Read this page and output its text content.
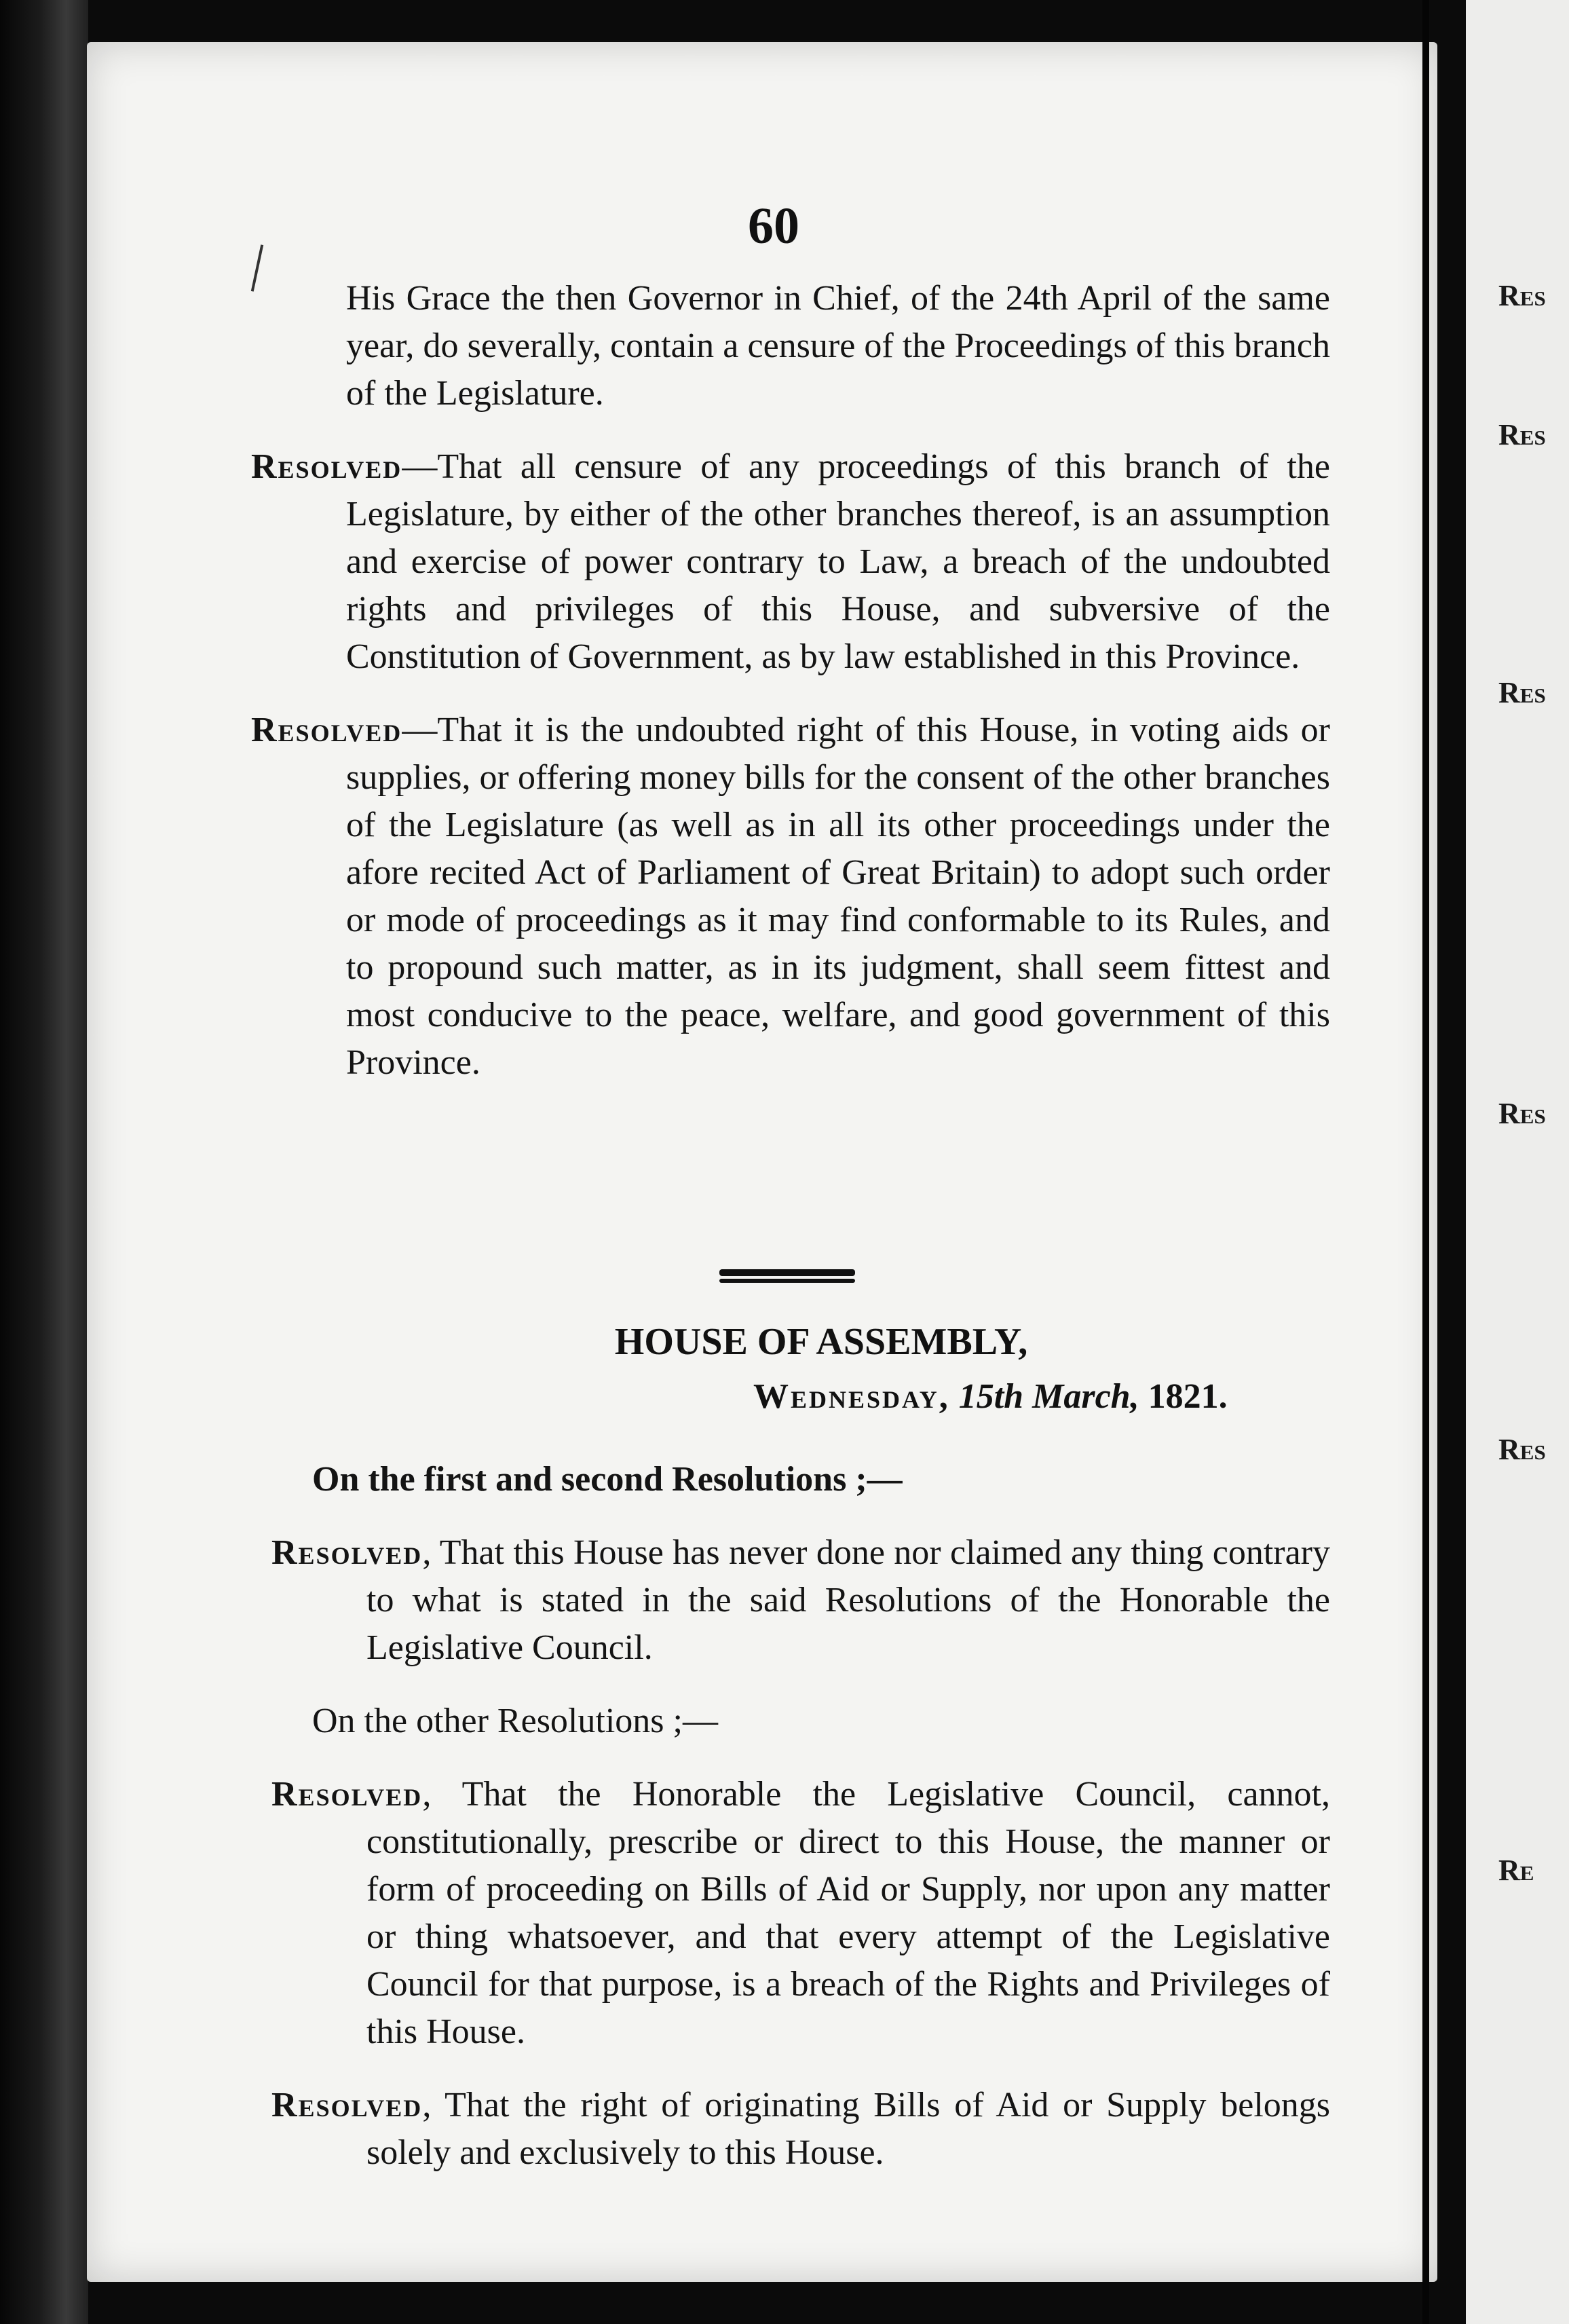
60

His Grace the then Governor in Chief, of the 24th April of the same year, do severally, contain a censure of the Proceedings of this branch of the Legislature.

Resolved—That all censure of any proceedings of this branch of the Legislature, by either of the other branches thereof, is an assumption and exercise of power contrary to Law, a breach of the undoubted rights and privileges of this House, and subversive of the Constitution of Government, as by law established in this Province.

Resolved—That it is the undoubted right of this House, in voting aids or supplies, or offering money bills for the consent of the other branches of the Legislature (as well as in all its other proceedings under the afore recited Act of Parliament of Great Britain) to adopt such order or mode of proceedings as it may find conformable to its Rules, and to propound such matter, as in its judgment, shall seem fittest and most conducive to the peace, welfare, and good government of this Province.

HOUSE OF ASSEMBLY,
Wednesday, 15th March, 1821.

On the first and second Resolutions ;—

Resolved, That this House has never done nor claimed any thing contrary to what is stated in the said Resolutions of the Honorable the Legislative Council.

On the other Resolutions ;—

Resolved, That the Honorable the Legislative Council, cannot, constitutionally, prescribe or direct to this House, the manner or form of proceeding on Bills of Aid or Supply, nor upon any matter or thing whatsoever, and that every attempt of the Legislative Council for that purpose, is a breach of the Rights and Privileges of this House.

Resolved, That the right of originating Bills of Aid or Supply belongs solely and exclusively to this House.

Res
Res
Res
Res
Res
Re
